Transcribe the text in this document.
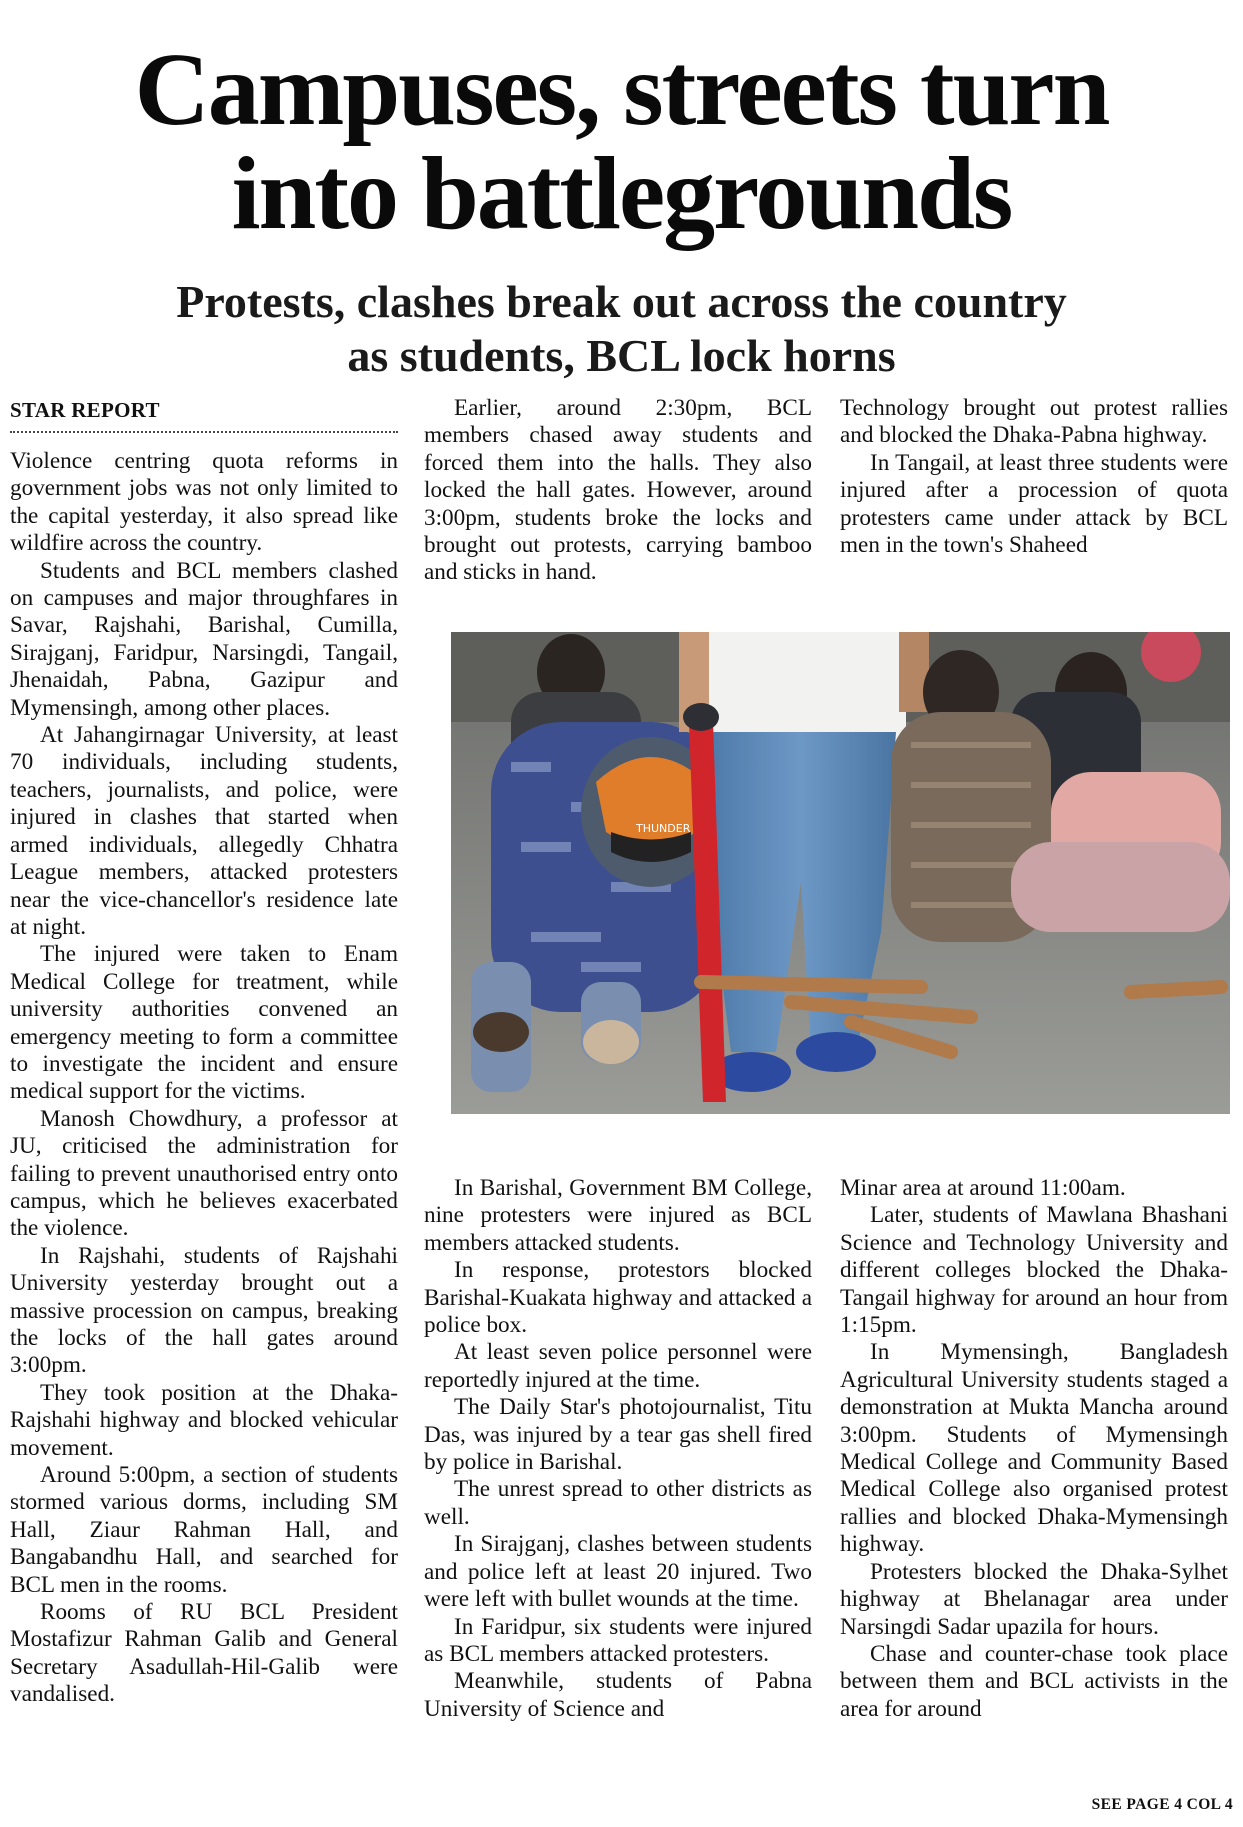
Campuses, streets turn
into battlegrounds
Protests, clashes break out across the country
as students, BCL lock horns
STAR REPORT

Violence centring quota reforms in government jobs was not only limited to the capital yesterday, it also spread like wildfire across the country.

Students and BCL members clashed on campuses and major throughfares in Savar, Rajshahi, Barishal, Cumilla, Sirajganj, Faridpur, Narsingdi, Tangail, Jhenaidah, Pabna, Gazipur and Mymensingh, among other places.

At Jahangirnagar University, at least 70 individuals, including students, teachers, journalists, and police, were injured in clashes that started when armed individuals, allegedly Chhatra League members, attacked protesters near the vice-chancellor's residence late at night.

The injured were taken to Enam Medical College for treatment, while university authorities convened an emergency meeting to form a committee to investigate the incident and ensure medical support for the victims.

Manosh Chowdhury, a professor at JU, criticised the administration for failing to prevent unauthorised entry onto campus, which he believes exacerbated the violence.

In Rajshahi, students of Rajshahi University yesterday brought out a massive procession on campus, breaking the locks of the hall gates around 3:00pm.

They took position at the Dhaka-Rajshahi highway and blocked vehicular movement.

Around 5:00pm, a section of students stormed various dorms, including SM Hall, Ziaur Rahman Hall, and Bangabandhu Hall, and searched for BCL men in the rooms.

Rooms of RU BCL President Mostafizur Rahman Galib and General Secretary Asadullah-Hil-Galib were vandalised.

Earlier, around 2:30pm, BCL members chased away students and forced them into the halls. They also locked the hall gates. However, around 3:00pm, students broke the locks and brought out protests, carrying bamboo and sticks in hand.

Technology brought out protest rallies and blocked the Dhaka-Pabna highway.

In Tangail, at least three students were injured after a procession of quota protesters came under attack by BCL men in the town's Shaheed

THUNDER

In Barishal, Government BM College, nine protesters were injured as BCL members attacked students.

In response, protestors blocked Barishal-Kuakata highway and attacked a police box.

At least seven police personnel were reportedly injured at the time.

The Daily Star's photojournalist, Titu Das, was injured by a tear gas shell fired by police in Barishal.

The unrest spread to other districts as well.

In Sirajganj, clashes between students and police left at least 20 injured. Two were left with bullet wounds at the time.

In Faridpur, six students were injured as BCL members attacked protesters.

Meanwhile, students of Pabna University of Science and

Minar area at around 11:00am.

Later, students of Mawlana Bhashani Science and Technology University and different colleges blocked the Dhaka-Tangail highway for around an hour from 1:15pm.

In Mymensingh, Bangladesh Agricultural University students staged a demonstration at Mukta Mancha around 3:00pm. Students of Mymensingh Medical College and Community Based Medical College also organised protest rallies and blocked Dhaka-Mymensingh highway.

Protesters blocked the Dhaka-Sylhet highway at Bhelanagar area under Narsingdi Sadar upazila for hours.

Chase and counter-chase took place between them and BCL activists in the area for around

SEE PAGE 4 COL 4
